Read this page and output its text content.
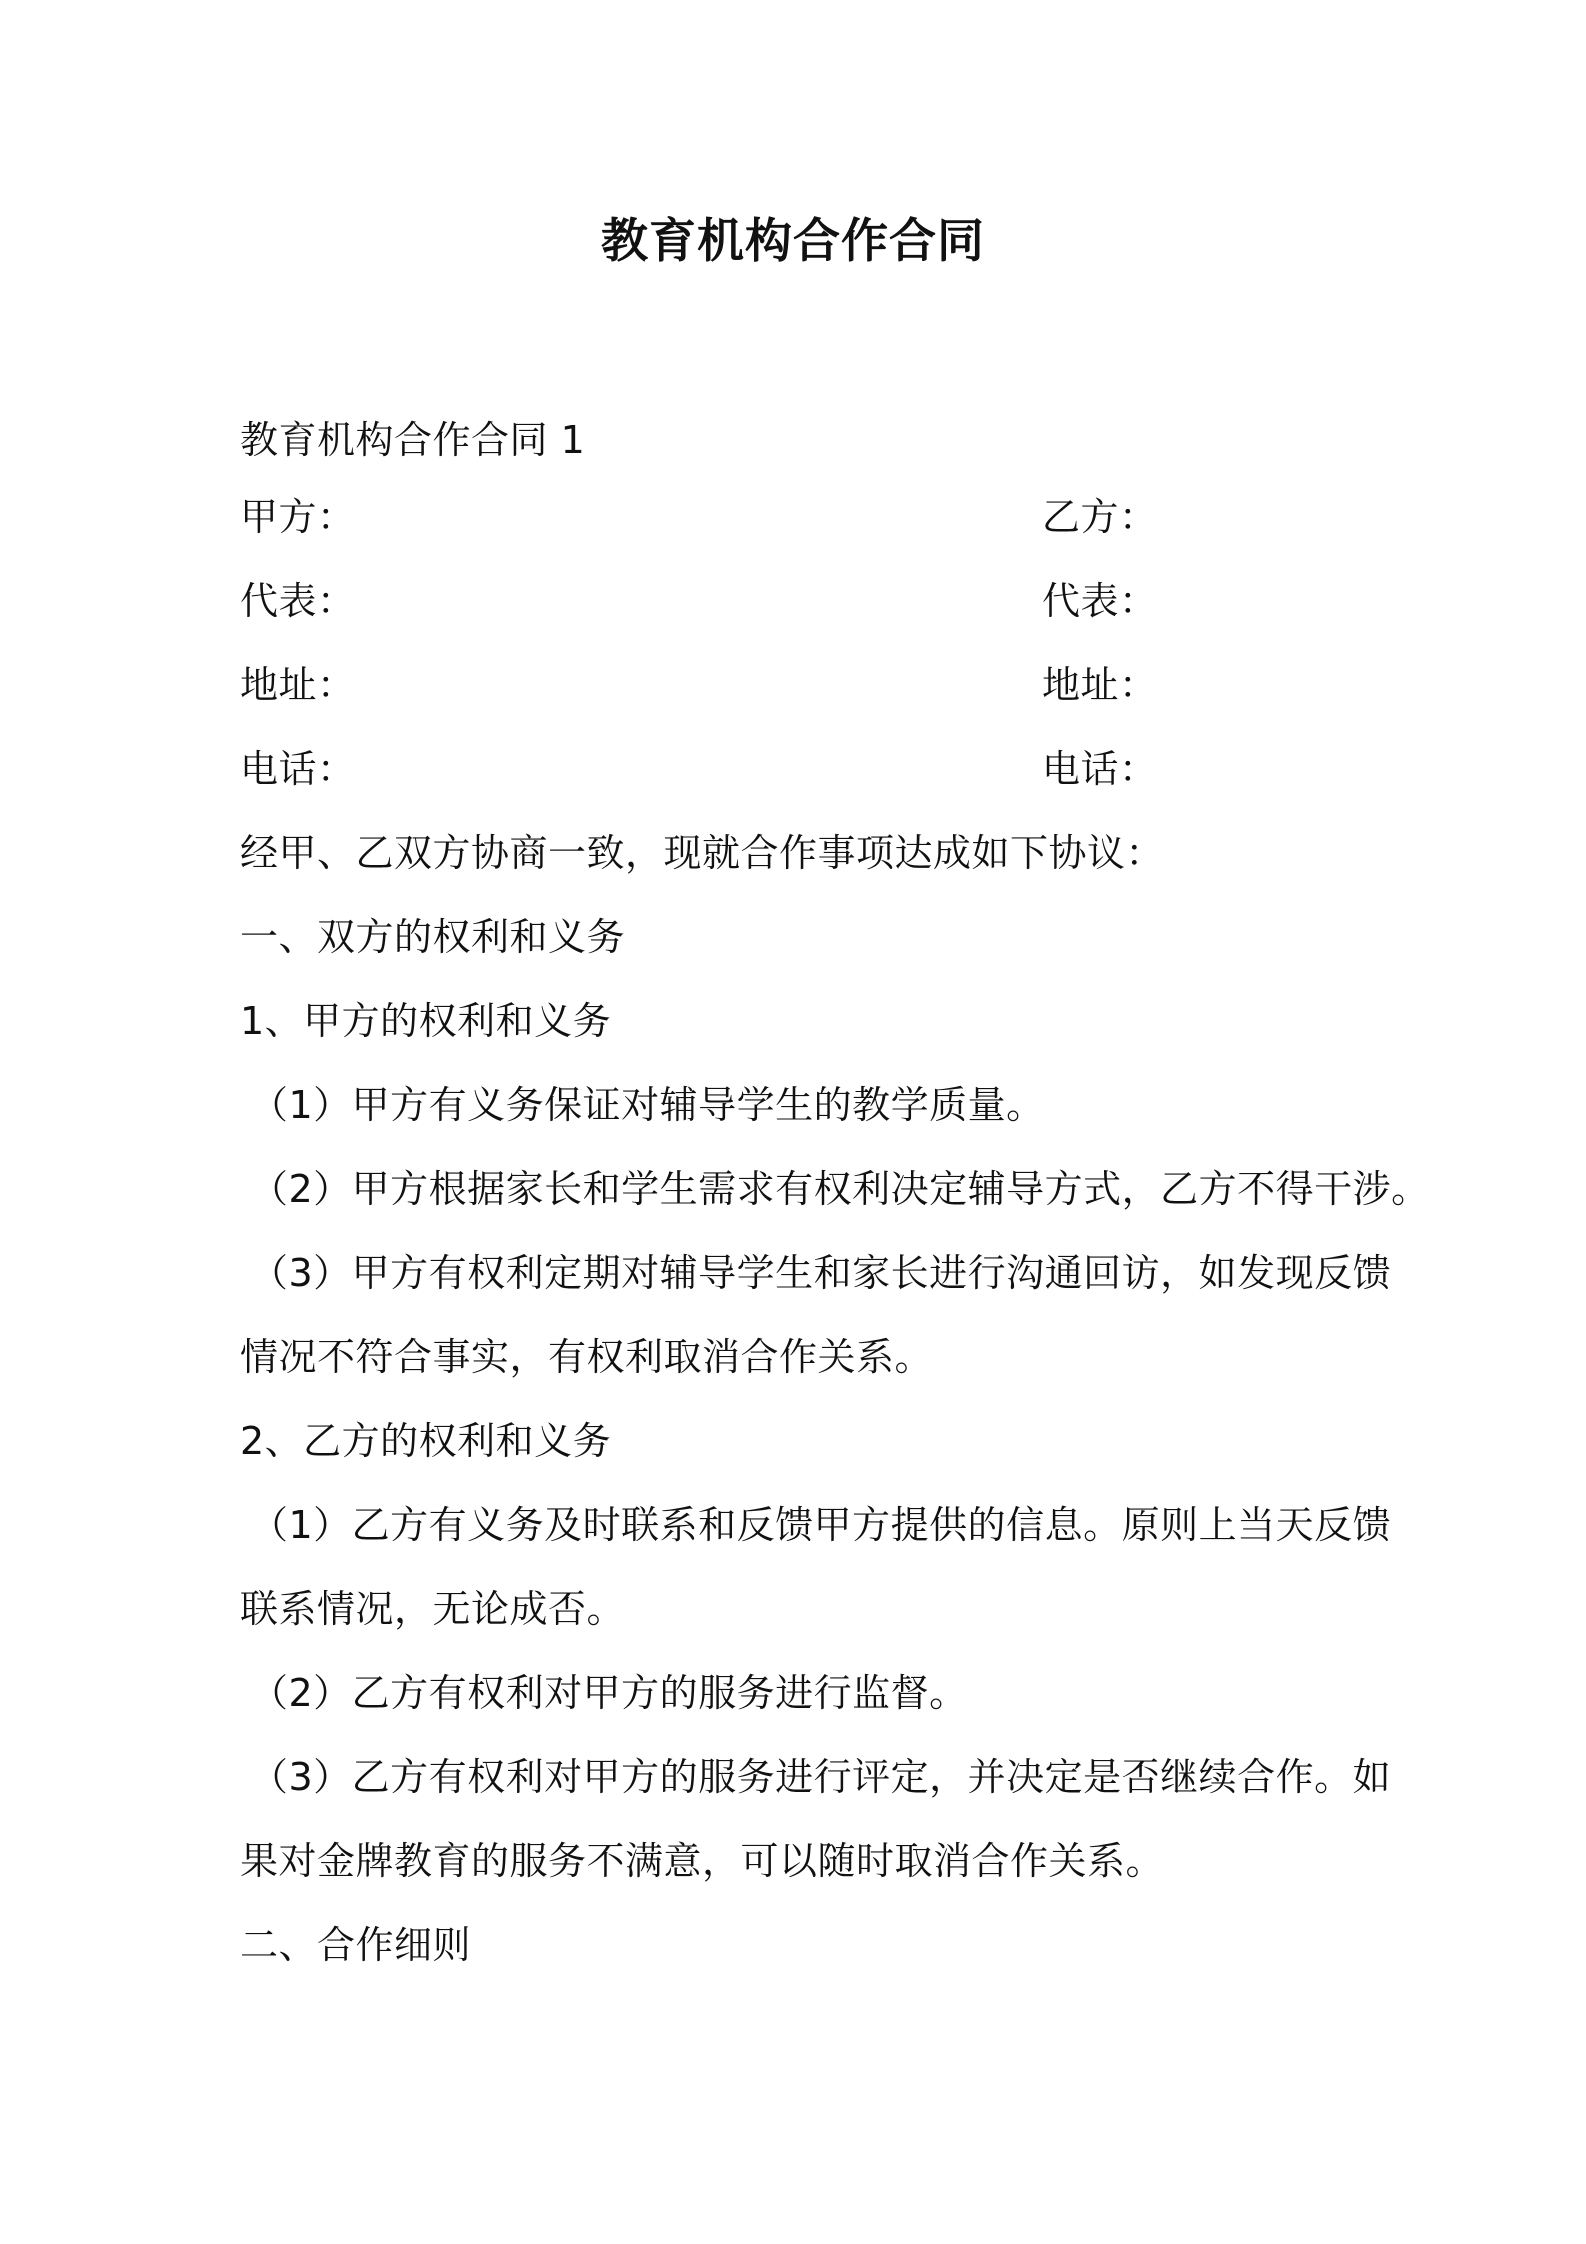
教育机构合作合同
教育机构合作合同 1
甲方：	乙方：
代表：	代表：
地址：	地址：
电话：	电话：
经甲、乙双方协商一致，现就合作事项达成如下协议：
一、双方的权利和义务
1、甲方的权利和义务
（1）甲方有义务保证对辅导学生的教学质量。
（2）甲方根据家长和学生需求有权利决定辅导方式，乙方不得干涉。
（3）甲方有权利定期对辅导学生和家长进行沟通回访，如发现反馈
情况不符合事实，有权利取消合作关系。
2、乙方的权利和义务
（1）乙方有义务及时联系和反馈甲方提供的信息。原则上当天反馈
联系情况，无论成否。
（2）乙方有权利对甲方的服务进行监督。
（3）乙方有权利对甲方的服务进行评定，并决定是否继续合作。如
果对金牌教育的服务不满意，可以随时取消合作关系。
二、合作细则
